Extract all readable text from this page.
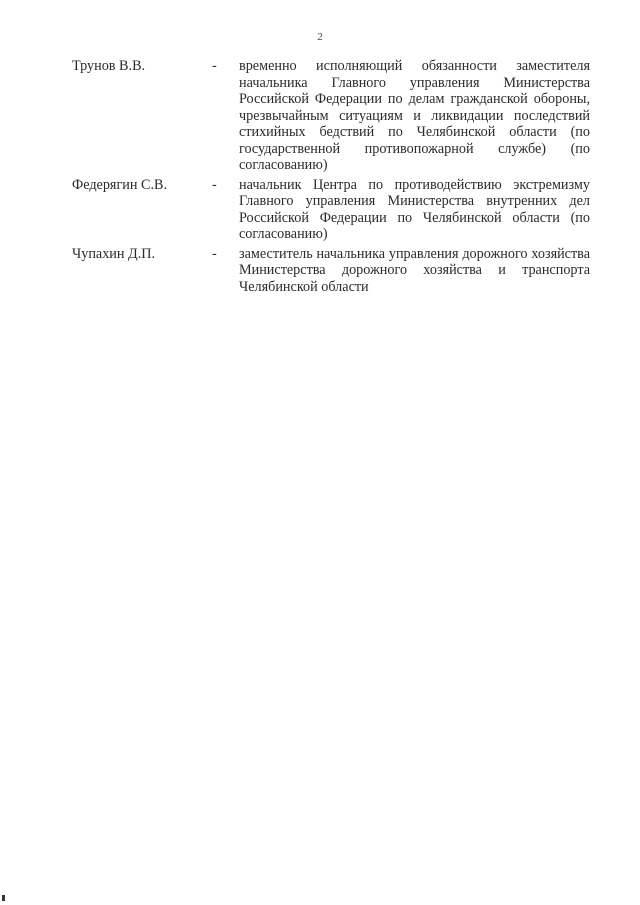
2
Трунов В.В.	-	временно исполняющий обязанности заместителя начальника Главного управления Министерства Российской Федерации по делам гражданской обороны, чрезвычайным ситуациям и ликвидации последствий стихийных бедствий по Челябинской области (по государственной противопожарной службе) (по согласованию)
Федерягин С.В.	-	начальник Центра по противодействию экстремизму Главного управления Министерства внутренних дел Российской Федерации по Челябинской области (по согласованию)
Чупахин Д.П.	-	заместитель начальника управления дорожного хозяйства Министерства дорожного хозяйства и транспорта Челябинской области
